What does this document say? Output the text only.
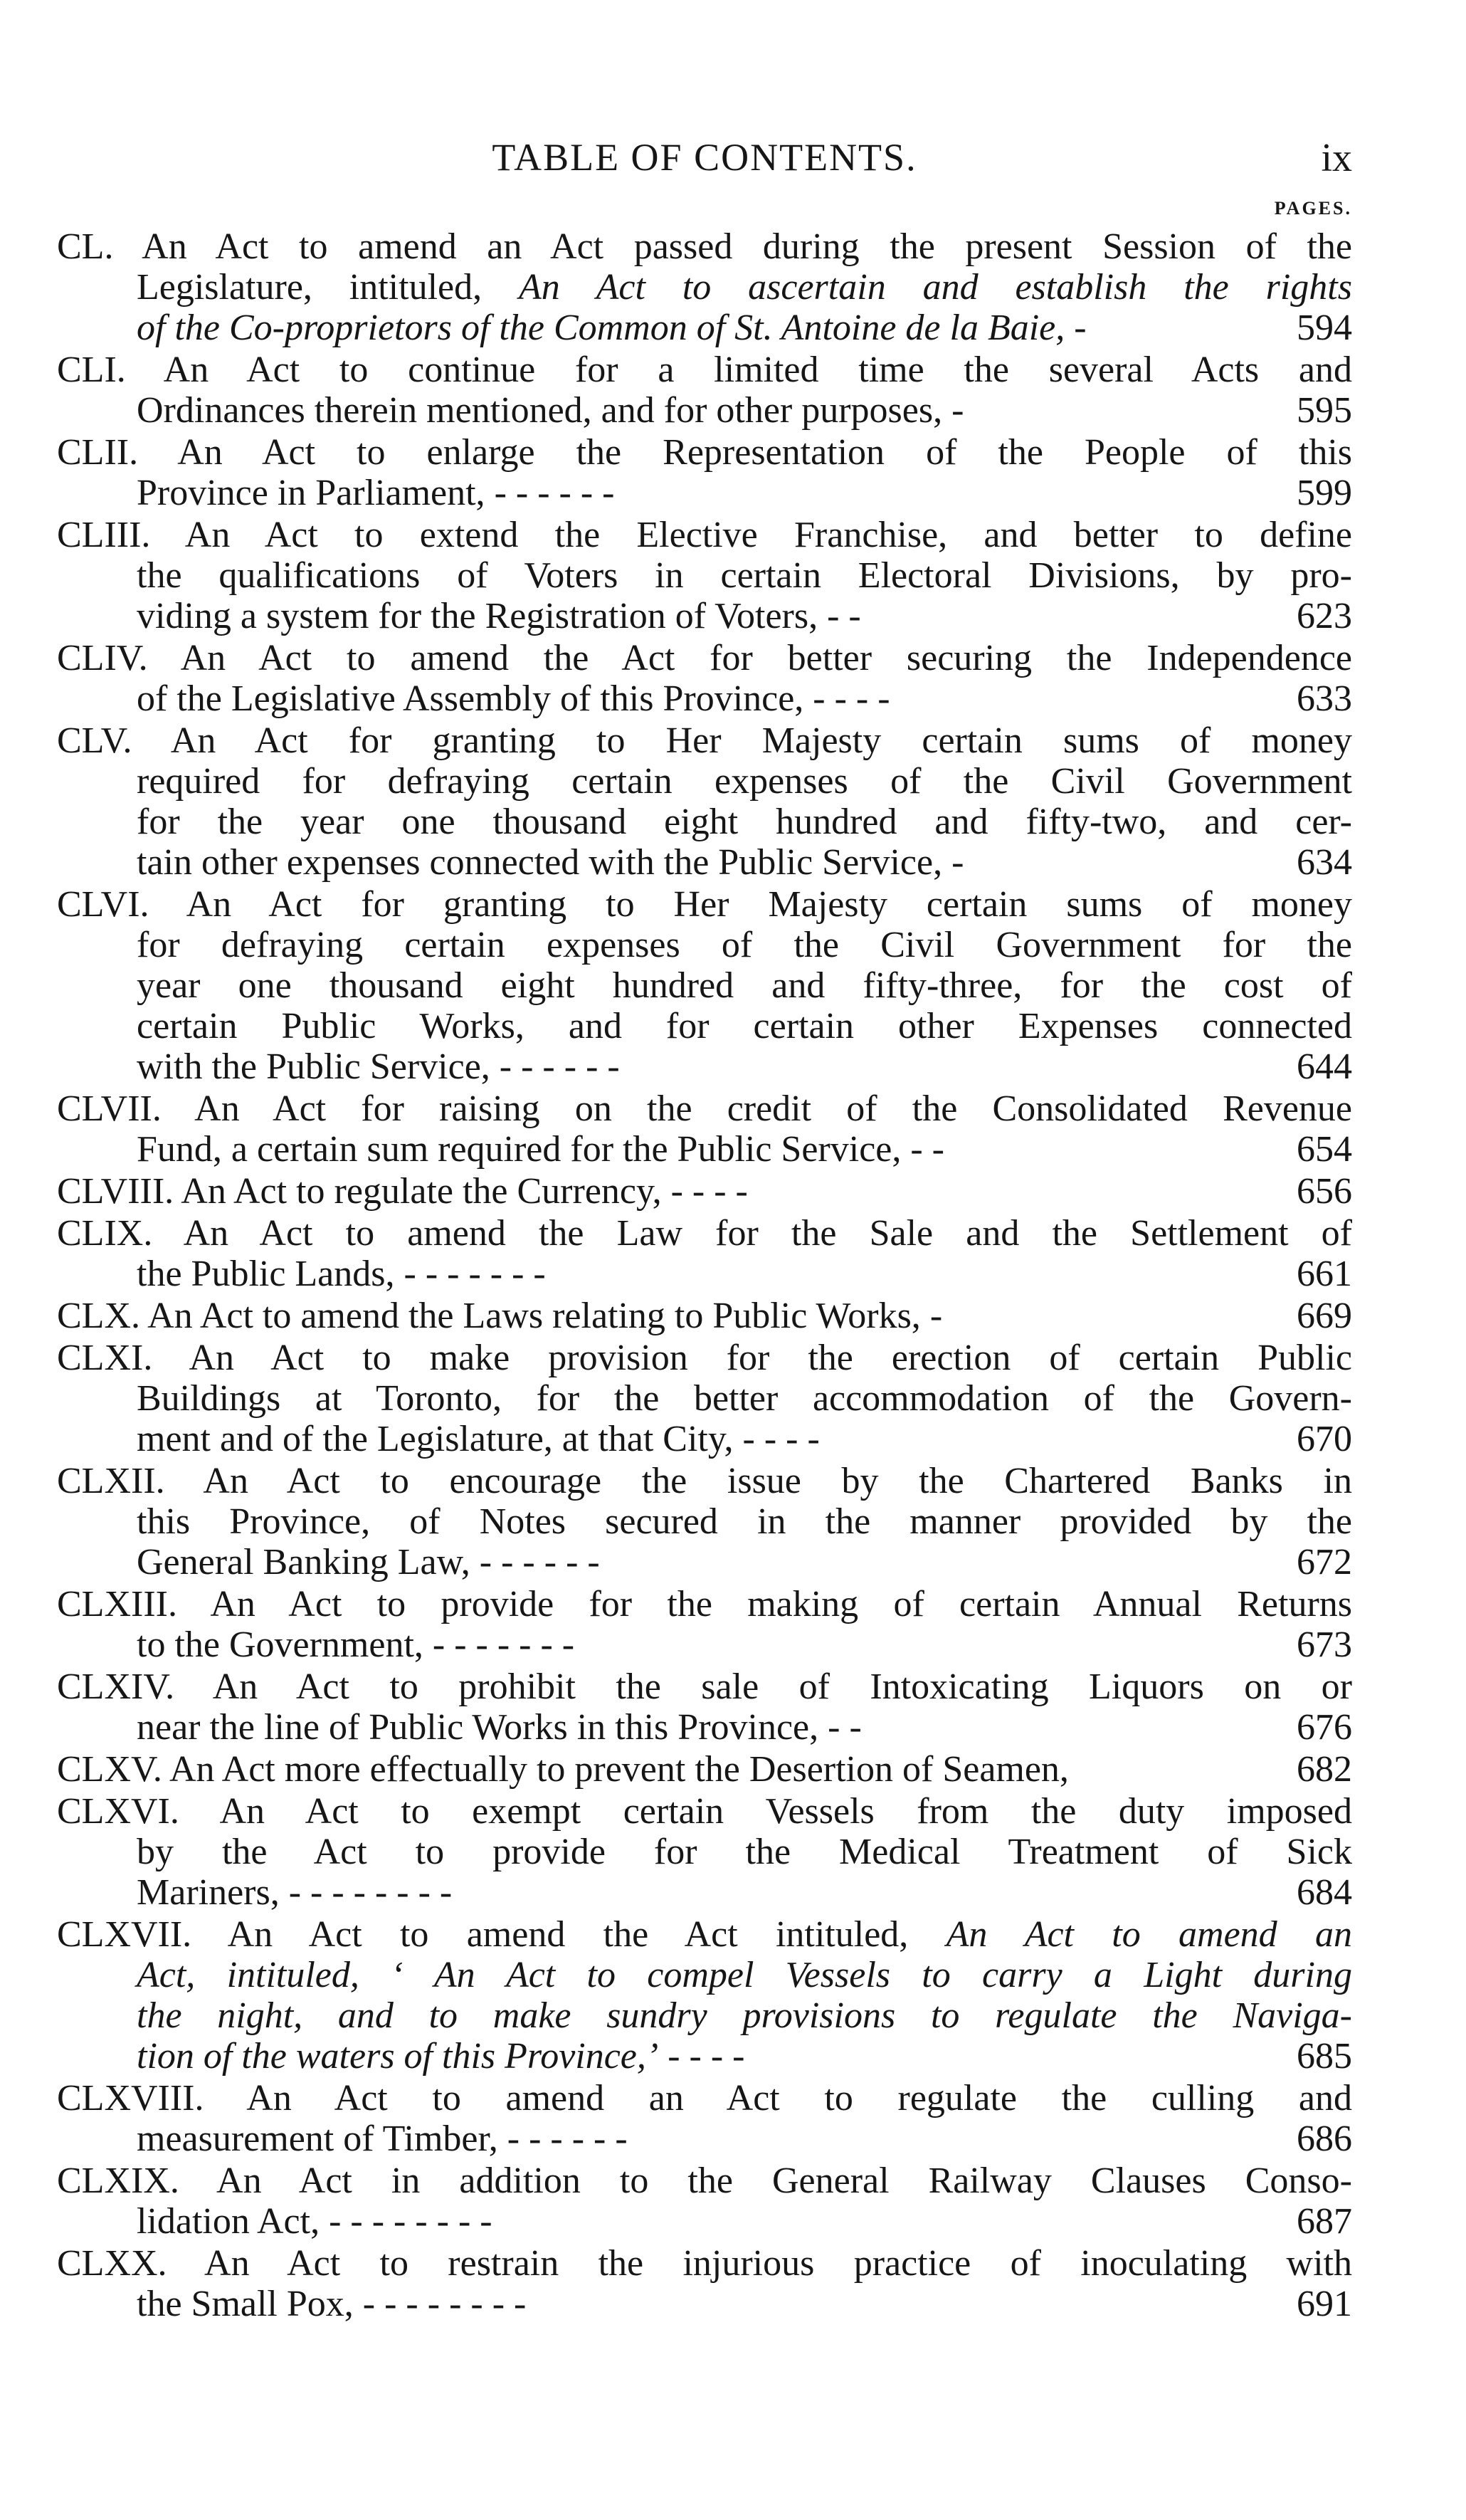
TABLE OF CONTENTS.	ix
PAGES.
CL. An Act to amend an Act passed during the present Session of the
Legislature, intituled, An Act to ascertain and establish the rights
of the Co-proprietors of the Common of St. Antoine de la Baie, -	594
CLI. An Act to continue for a limited time the several Acts and
Ordinances therein mentioned, and for other purposes, -	595
CLII. An Act to enlarge the Representation of the People of this
Province in Parliament, - - - - - -	599
CLIII. An Act to extend the Elective Franchise, and better to define
the qualifications of Voters in certain Electoral Divisions, by pro-
viding a system for the Registration of Voters, - -	623
CLIV. An Act to amend the Act for better securing the Independence
of the Legislative Assembly of this Province, - - - -	633
CLV. An Act for granting to Her Majesty certain sums of money
required for defraying certain expenses of the Civil Government
for the year one thousand eight hundred and fifty-two, and cer-
tain other expenses connected with the Public Service, -	634
CLVI. An Act for granting to Her Majesty certain sums of money
for defraying certain expenses of the Civil Government for the
year one thousand eight hundred and fifty-three, for the cost of
certain Public Works, and for certain other Expenses connected
with the Public Service, - - - - - -	644
CLVII. An Act for raising on the credit of the Consolidated Revenue
Fund, a certain sum required for the Public Service, - -	654
CLVIII. An Act to regulate the Currency, - - - -	656
CLIX. An Act to amend the Law for the Sale and the Settlement of
the Public Lands, - - - - - - -	661
CLX. An Act to amend the Laws relating to Public Works, -	669
CLXI. An Act to make provision for the erection of certain Public
Buildings at Toronto, for the better accommodation of the Govern-
ment and of the Legislature, at that City, - - - -	670
CLXII. An Act to encourage the issue by the Chartered Banks in
this Province, of Notes secured in the manner provided by the
General Banking Law, - - - - - -	672
CLXIII. An Act to provide for the making of certain Annual Returns
to the Government, - - - - - - -	673
CLXIV. An Act to prohibit the sale of Intoxicating Liquors on or
near the line of Public Works in this Province, - -	676
CLXV. An Act more effectually to prevent the Desertion of Seamen,	682
CLXVI. An Act to exempt certain Vessels from the duty imposed
by the Act to provide for the Medical Treatment of Sick
Mariners, - - - - - - - -	684
CLXVII. An Act to amend the Act intituled, An Act to amend an
Act, intituled, ‘ An Act to compel Vessels to carry a Light during
the night, and to make sundry provisions to regulate the Naviga-
tion of the waters of this Province,’ - - - -	685
CLXVIII. An Act to amend an Act to regulate the culling and
measurement of Timber, - - - - - -	686
CLXIX. An Act in addition to the General Railway Clauses Conso-
lidation Act, - - - - - - - -	687
CLXX. An Act to restrain the injurious practice of inoculating with
the Small Pox, - - - - - - - -	691
